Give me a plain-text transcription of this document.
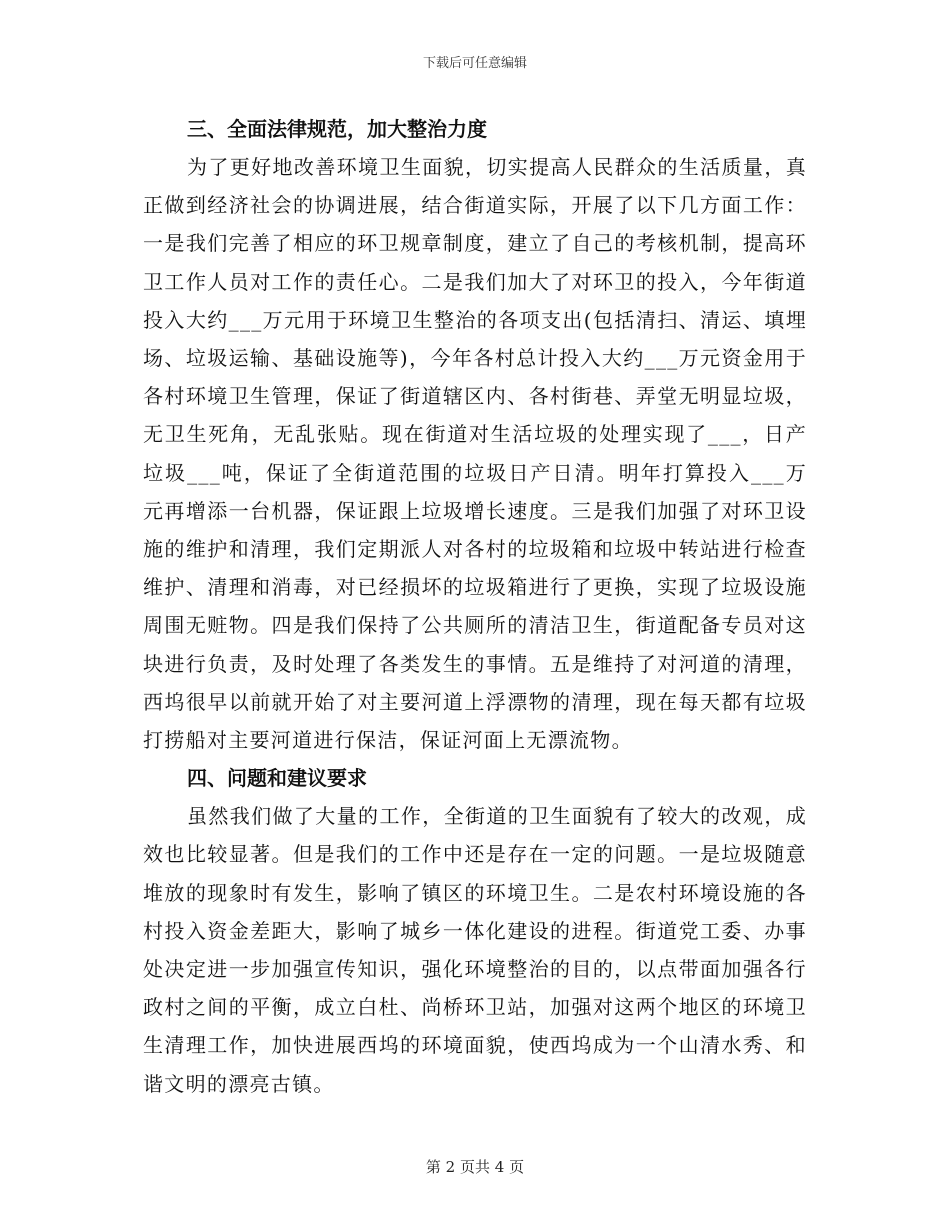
下载后可任意编辑

三、全面法律规范，加大整治力度

为了更好地改善环境卫生面貌，切实提高人民群众的生活质量，真正做到经济社会的协调进展，结合街道实际，开展了以下几方面工作：一是我们完善了相应的环卫规章制度，建立了自己的考核机制，提高环卫工作人员对工作的责任心。二是我们加大了对环卫的投入，今年街道投入大约___万元用于环境卫生整治的各项支出(包括清扫、清运、填埋场、垃圾运输、基础设施等)，今年各村总计投入大约___万元资金用于各村环境卫生管理，保证了街道辖区内、各村街巷、弄堂无明显垃圾，无卫生死角，无乱张贴。现在街道对生活垃圾的处理实现了___，日产垃圾___吨，保证了全街道范围的垃圾日产日清。明年打算投入___万元再增添一台机器，保证跟上垃圾增长速度。三是我们加强了对环卫设施的维护和清理，我们定期派人对各村的垃圾箱和垃圾中转站进行检查维护、清理和消毒，对已经损坏的垃圾箱进行了更换，实现了垃圾设施周围无赃物。四是我们保持了公共厕所的清洁卫生，街道配备专员对这块进行负责，及时处理了各类发生的事情。五是维持了对河道的清理，西坞很早以前就开始了对主要河道上浮漂物的清理，现在每天都有垃圾打捞船对主要河道进行保洁，保证河面上无漂流物。

四、问题和建议要求

虽然我们做了大量的工作，全街道的卫生面貌有了较大的改观，成效也比较显著。但是我们的工作中还是存在一定的问题。一是垃圾随意堆放的现象时有发生，影响了镇区的环境卫生。二是农村环境设施的各村投入资金差距大，影响了城乡一体化建设的进程。街道党工委、办事处决定进一步加强宣传知识，强化环境整治的目的，以点带面加强各行政村之间的平衡，成立白杜、尚桥环卫站，加强对这两个地区的环境卫生清理工作，加快进展西坞的环境面貌，使西坞成为一个山清水秀、和谐文明的漂亮古镇。

第 2 页共 4 页
